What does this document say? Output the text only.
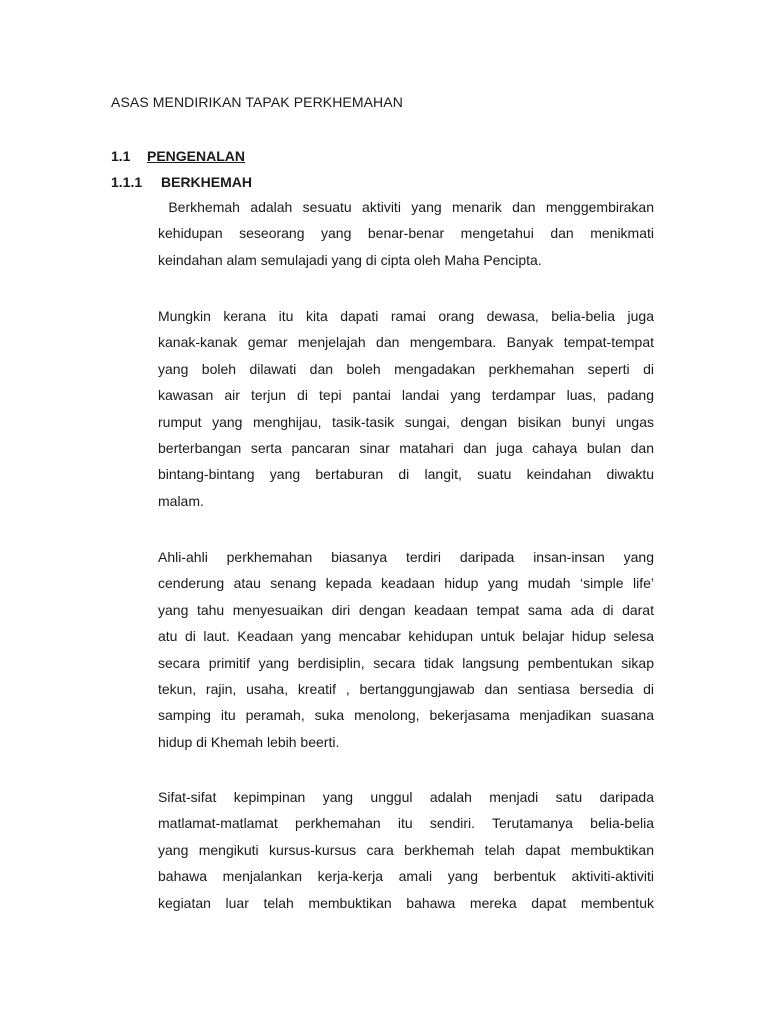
ASAS MENDIRIKAN TAPAK PERKHEMAHAN
1.1 PENGENALAN
1.1.1 BERKHEMAH
Berkhemah adalah sesuatu aktiviti yang menarik dan menggembirakan
kehidupan seseorang yang benar-benar mengetahui dan menikmati
keindahan alam semulajadi yang di cipta oleh Maha Pencipta.
Mungkin kerana itu kita dapati ramai orang dewasa, belia-belia juga
kanak-kanak gemar menjelajah dan mengembara. Banyak tempat-tempat
yang boleh dilawati dan boleh mengadakan perkhemahan seperti di
kawasan air terjun di tepi pantai landai yang terdampar luas, padang
rumput yang menghijau, tasik-tasik sungai, dengan bisikan bunyi ungas
berterbangan serta pancaran sinar matahari dan juga cahaya bulan dan
bintang-bintang yang bertaburan di langit, suatu keindahan diwaktu
malam.
Ahli-ahli perkhemahan biasanya terdiri daripada insan-insan yang
cenderung atau senang kepada keadaan hidup yang mudah ‘simple life’
yang tahu menyesuaikan diri dengan keadaan tempat sama ada di darat
atu di laut. Keadaan yang mencabar kehidupan untuk belajar hidup selesa
secara primitif yang berdisiplin, secara tidak langsung pembentukan sikap
tekun, rajin, usaha, kreatif , bertanggungjawab dan sentiasa bersedia di
samping itu peramah, suka menolong, bekerjasama menjadikan suasana
hidup di Khemah lebih beerti.
Sifat-sifat kepimpinan yang unggul adalah menjadi satu daripada
matlamat-matlamat perkhemahan itu sendiri. Terutamanya belia-belia
yang mengikuti kursus-kursus cara berkhemah telah dapat membuktikan
bahawa menjalankan kerja-kerja amali yang berbentuk aktiviti-aktiviti
kegiatan luar telah membuktikan bahawa mereka dapat membentuk
